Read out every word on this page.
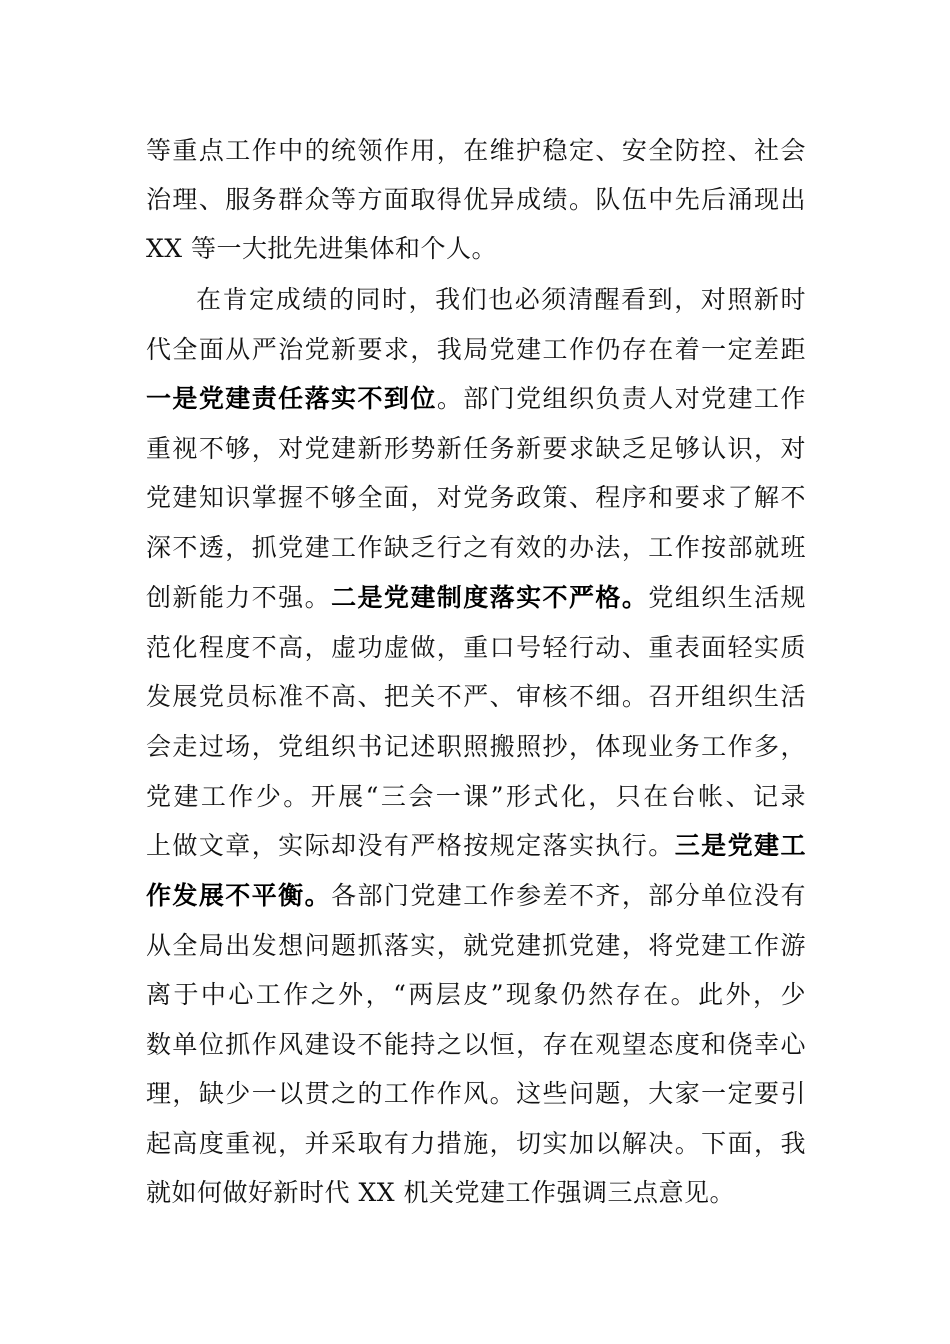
等重点工作中的统领作用，在维护稳定、安全防控、社会
治理、服务群众等方面取得优异成绩。队伍中先后涌现出
XX 等一大批先进集体和个人。
在肯定成绩的同时，我们也必须清醒看到，对照新时
代全面从严治党新要求，我局党建工作仍存在着一定差距
一是党建责任落实不到位。部门党组织负责人对党建工作
重视不够，对党建新形势新任务新要求缺乏足够认识，对
党建知识掌握不够全面，对党务政策、程序和要求了解不
深不透，抓党建工作缺乏行之有效的办法，工作按部就班
创新能力不强。二是党建制度落实不严格。党组织生活规
范化程度不高，虚功虚做，重口号轻行动、重表面轻实质
发展党员标准不高、把关不严、审核不细。召开组织生活
会走过场，党组织书记述职照搬照抄，体现业务工作多，
党建工作少。开展“三会一课”形式化，只在台帐、记录
上做文章，实际却没有严格按规定落实执行。三是党建工
作发展不平衡。各部门党建工作参差不齐，部分单位没有
从全局出发想问题抓落实，就党建抓党建，将党建工作游
离于中心工作之外，“两层皮”现象仍然存在。此外，少
数单位抓作风建设不能持之以恒，存在观望态度和侥幸心
理，缺少一以贯之的工作作风。这些问题，大家一定要引
起高度重视，并采取有力措施，切实加以解决。下面，我
就如何做好新时代 XX 机关党建工作强调三点意见。
